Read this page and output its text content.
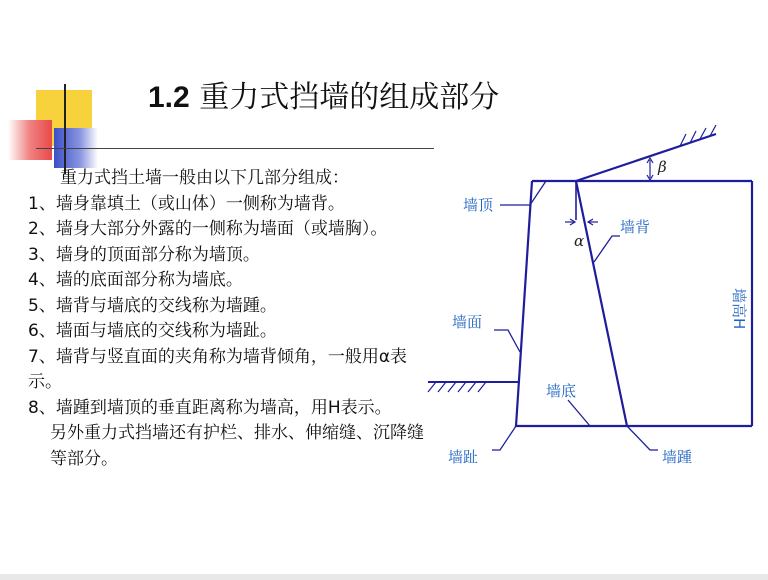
1.2 重力式挡墙的组成部分

重力式挡土墙一般由以下几部分组成：

1、墙身靠填土（或山体）一侧称为墙背。

2、墙身大部分外露的一侧称为墙面（或墙胸）。

3、墙身的顶面部分称为墙顶。

4、墙的底面部分称为墙底。

5、墙背与墙底的交线称为墙踵。

6、墙面与墙底的交线称为墙趾。

7、墙背与竖直面的夹角称为墙背倾角，一般用α表示。

8、墙踵到墙顶的垂直距离称为墙高，用H表示。

另外重力式挡墙还有护栏、排水、伸缩缝、沉降缝等部分。

墙顶
墙背
墙面
墙底
墙趾	墙踵
墙高H
β
α
